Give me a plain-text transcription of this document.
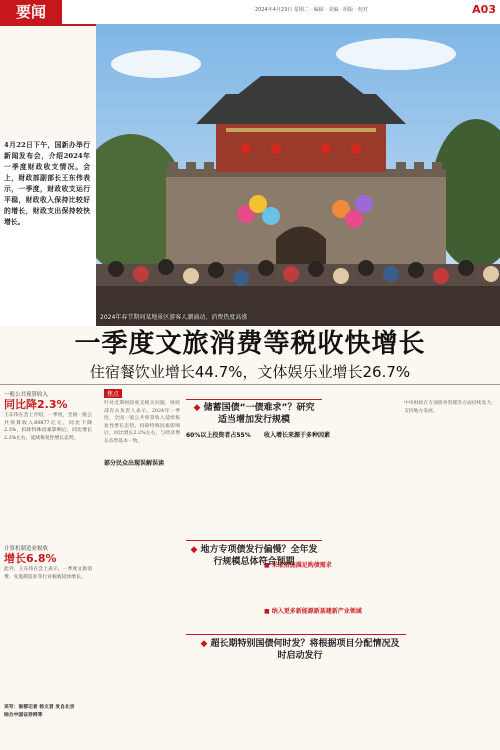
要闻	2024年4月23日 星期二 · 编辑 · 美编 · 组版 · 校对	A03
4月22日下午，国新办举行新闻发布会，介绍2024年一季度财政收支情况。会上，财政部副部长王东伟表示，一季度，财政收支运行平稳，财政收入保持比较好的增长，财政支出保持较快增长。
2024年春节期间某地景区游客人潮涌动，消费热度高涨
一季度文旅消费等税收快增长
住宿餐饮业增长44.7%，文体娱乐业增长26.7%
一般公共预算收入
同比降2.3%
王东伟在会上介绍，一季度，全国一般公共预算收入60877亿元，同比下降2.3%，扣除特殊因素影响后，同比增长2.2%左右，延续恢复性增长态势。
计算机制造业税收
增长6.8%
此外，王东伟在会上表示，一季度文旅消费、先进制造业等行业税收较快增长。
采写：南都记者 杨文君 发自北京
综合中国证券网等
焦点
针对近期财政收支相关问题，财政部有关负责人表示，2024年一季度，全国一般公共预算收入延续恢复性增长态势。扣除特殊因素影响后，同比增长2.2%左右，与经济增长态势基本一致。
部分民众出现误解误读
◆ 储蓄国债“一债难求”？研究适当增加发行规模
■ 采取措施满足购债需求
60%以上投资者占55% 收入增长来源于多种因素
◆ 地方专项债发行偏慢？全年发行规模总体符合预期
■ 纳入更多新能源新基建新产业领域
◆ 超长期特别国债何时发？将根据项目分配情况及时启动发行
中央财政在专项债务管理等方面持续发力，支持地方发展。
